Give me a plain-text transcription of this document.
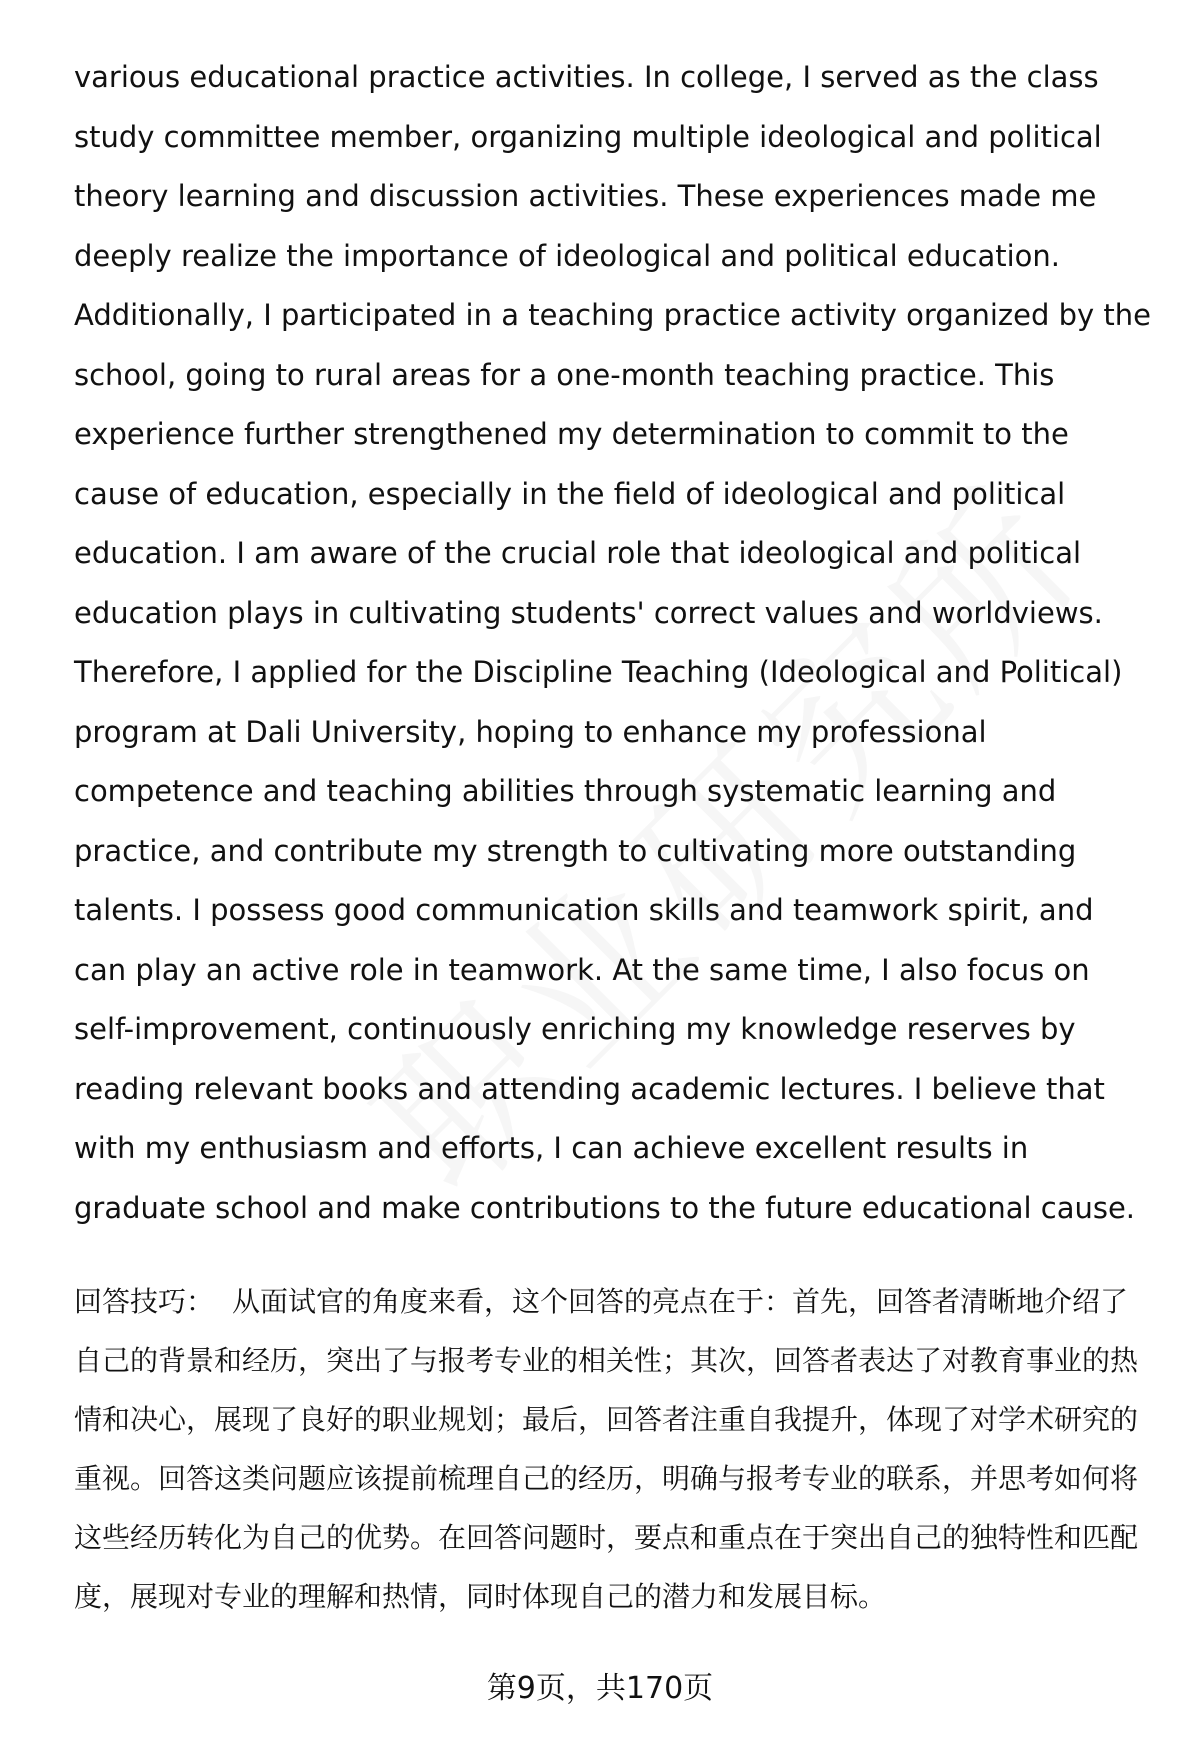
various educational practice activities. In college, I served as the class study committee member, organizing multiple ideological and political theory learning and discussion activities. These experiences made me deeply realize the importance of ideological and political education. Additionally, I participated in a teaching practice activity organized by the school, going to rural areas for a one-month teaching practice. This experience further strengthened my determination to commit to the cause of education, especially in the field of ideological and political education. I am aware of the crucial role that ideological and political education plays in cultivating students' correct values and worldviews. Therefore, I applied for the Discipline Teaching (Ideological and Political) program at Dali University, hoping to enhance my professional competence and teaching abilities through systematic learning and practice, and contribute my strength to cultivating more outstanding talents. I possess good communication skills and teamwork spirit, and can play an active role in teamwork. At the same time, I also focus on self-improvement, continuously enriching my knowledge reserves by reading relevant books and attending academic lectures. I believe that with my enthusiasm and efforts, I can achieve excellent results in graduate school and make contributions to the future educational cause.

回答技巧： 从面试官的角度来看，这个回答的亮点在于：首先，回答者清晰地介绍了自己的背景和经历，突出了与报考专业的相关性；其次，回答者表达了对教育事业的热情和决心，展现了良好的职业规划；最后，回答者注重自我提升，体现了对学术研究的重视。回答这类问题应该提前梳理自己的经历，明确与报考专业的联系，并思考如何将这些经历转化为自己的优势。在回答问题时，要点和重点在于突出自己的独特性和匹配度，展现对专业的理解和热情，同时体现自己的潜力和发展目标。

第9页，共170页
